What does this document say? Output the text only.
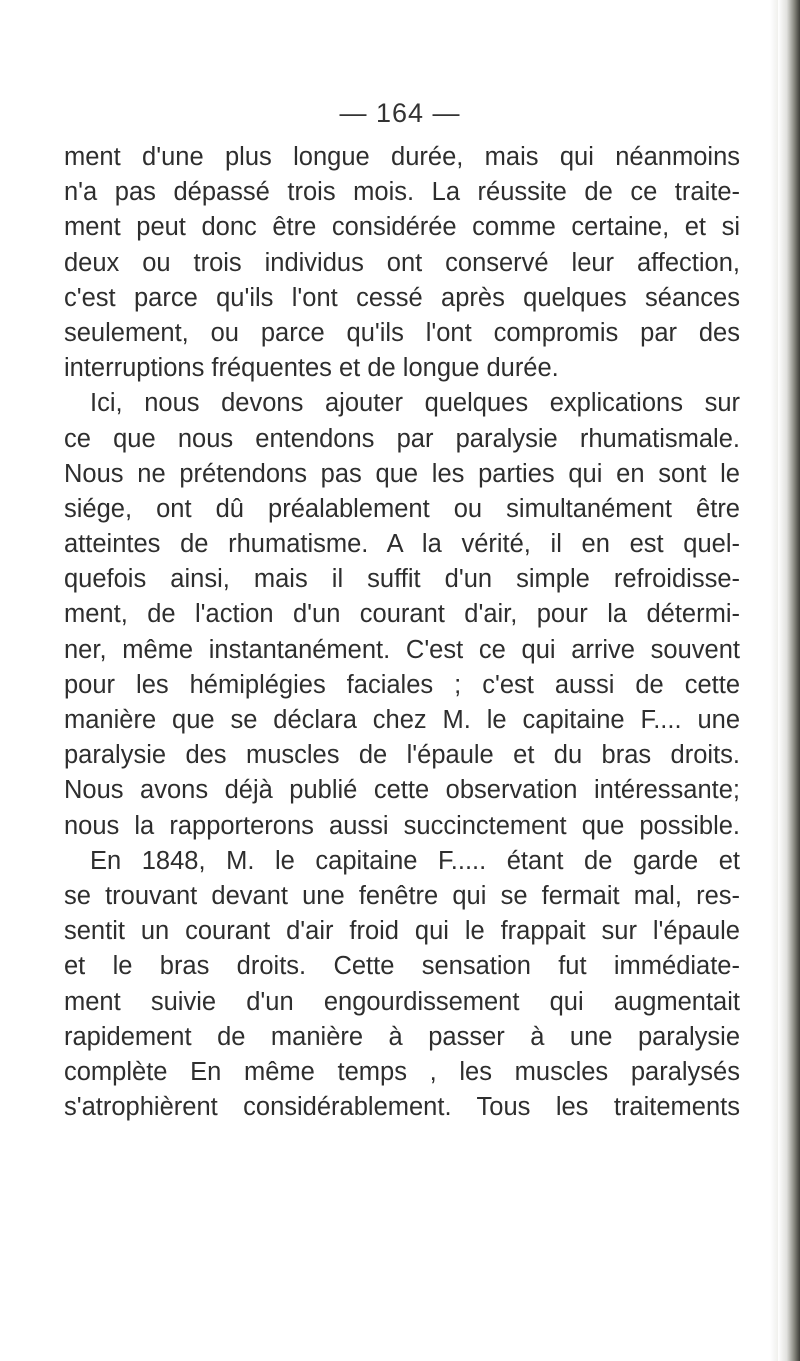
— 164 —
ment d'une plus longue durée, mais qui néanmoins
n'a pas dépassé trois mois. La réussite de ce traite-
ment peut donc être considérée comme certaine, et si
deux ou trois individus ont conservé leur affection,
c'est parce qu'ils l'ont cessé après quelques séances
seulement, ou parce qu'ils l'ont compromis par des
interruptions fréquentes et de longue durée.
Ici, nous devons ajouter quelques explications sur
ce que nous entendons par paralysie rhumatismale.
Nous ne prétendons pas que les parties qui en sont le
siége, ont dû préalablement ou simultanément être
atteintes de rhumatisme. A la vérité, il en est quel-
quefois ainsi, mais il suffit d'un simple refroidisse-
ment, de l'action d'un courant d'air, pour la détermi-
ner, même instantanément. C'est ce qui arrive souvent
pour les hémiplégies faciales ; c'est aussi de cette
manière que se déclara chez M. le capitaine F.... une
paralysie des muscles de l'épaule et du bras droits.
Nous avons déjà publié cette observation intéressante;
nous la rapporterons aussi succinctement que possible.
En 1848, M. le capitaine F..... étant de garde et
se trouvant devant une fenêtre qui se fermait mal, res-
sentit un courant d'air froid qui le frappait sur l'épaule
et le bras droits. Cette sensation fut immédiate-
ment suivie d'un engourdissement qui augmentait
rapidement de manière à passer à une paralysie
complète En même temps , les muscles paralysés
s'atrophièrent considérablement. Tous les traitements
